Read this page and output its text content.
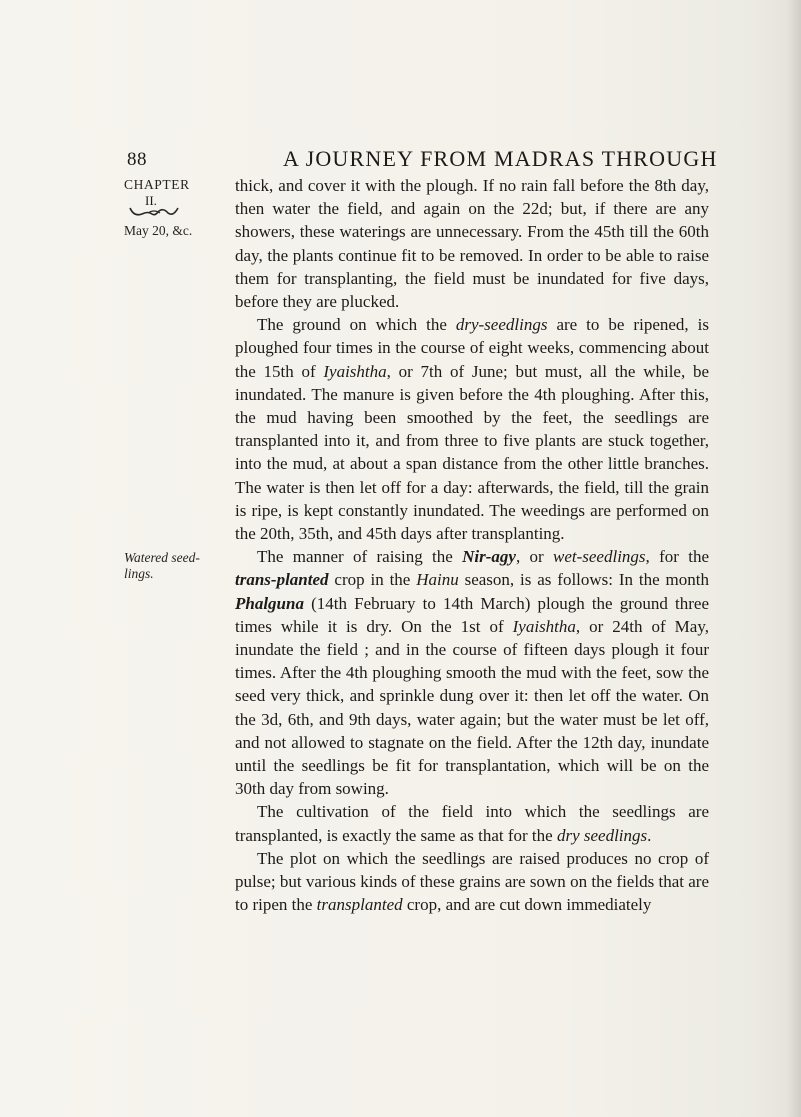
88	A JOURNEY FROM MADRAS THROUGH
CHAPTER
II.
May 20, &c.
Watered seed-
lings.

thick, and cover it with the plough. If no rain fall before the 8th day, then water the field, and again on the 22d; but, if there are any showers, these waterings are unnecessary. From the 45th till the 60th day, the plants continue fit to be removed. In order to be able to raise them for transplanting, the field must be inundated for five days, before they are plucked.

The ground on which the dry-seedlings are to be ripened, is ploughed four times in the course of eight weeks, commencing about the 15th of Iyaishtha, or 7th of June; but must, all the while, be inundated. The manure is given before the 4th ploughing. After this, the mud having been smoothed by the feet, the seedlings are transplanted into it, and from three to five plants are stuck together, into the mud, at about a span distance from the other little branches. The water is then let off for a day: afterwards, the field, till the grain is ripe, is kept constantly inundated. The weedings are performed on the 20th, 35th, and 45th days after transplanting.

The manner of raising the Nir-agy, or wet-seedlings, for the trans-planted crop in the Hainu season, is as follows: In the month Phalguna (14th February to 14th March) plough the ground three times while it is dry. On the 1st of Iyaishtha, or 24th of May, inundate the field ; and in the course of fifteen days plough it four times. After the 4th ploughing smooth the mud with the feet, sow the seed very thick, and sprinkle dung over it: then let off the water. On the 3d, 6th, and 9th days, water again; but the water must be let off, and not allowed to stagnate on the field. After the 12th day, inundate until the seedlings be fit for transplantation, which will be on the 30th day from sowing.

The cultivation of the field into which the seedlings are transplanted, is exactly the same as that for the dry seedlings.

The plot on which the seedlings are raised produces no crop of pulse; but various kinds of these grains are sown on the fields that are to ripen the transplanted crop, and are cut down immediately
